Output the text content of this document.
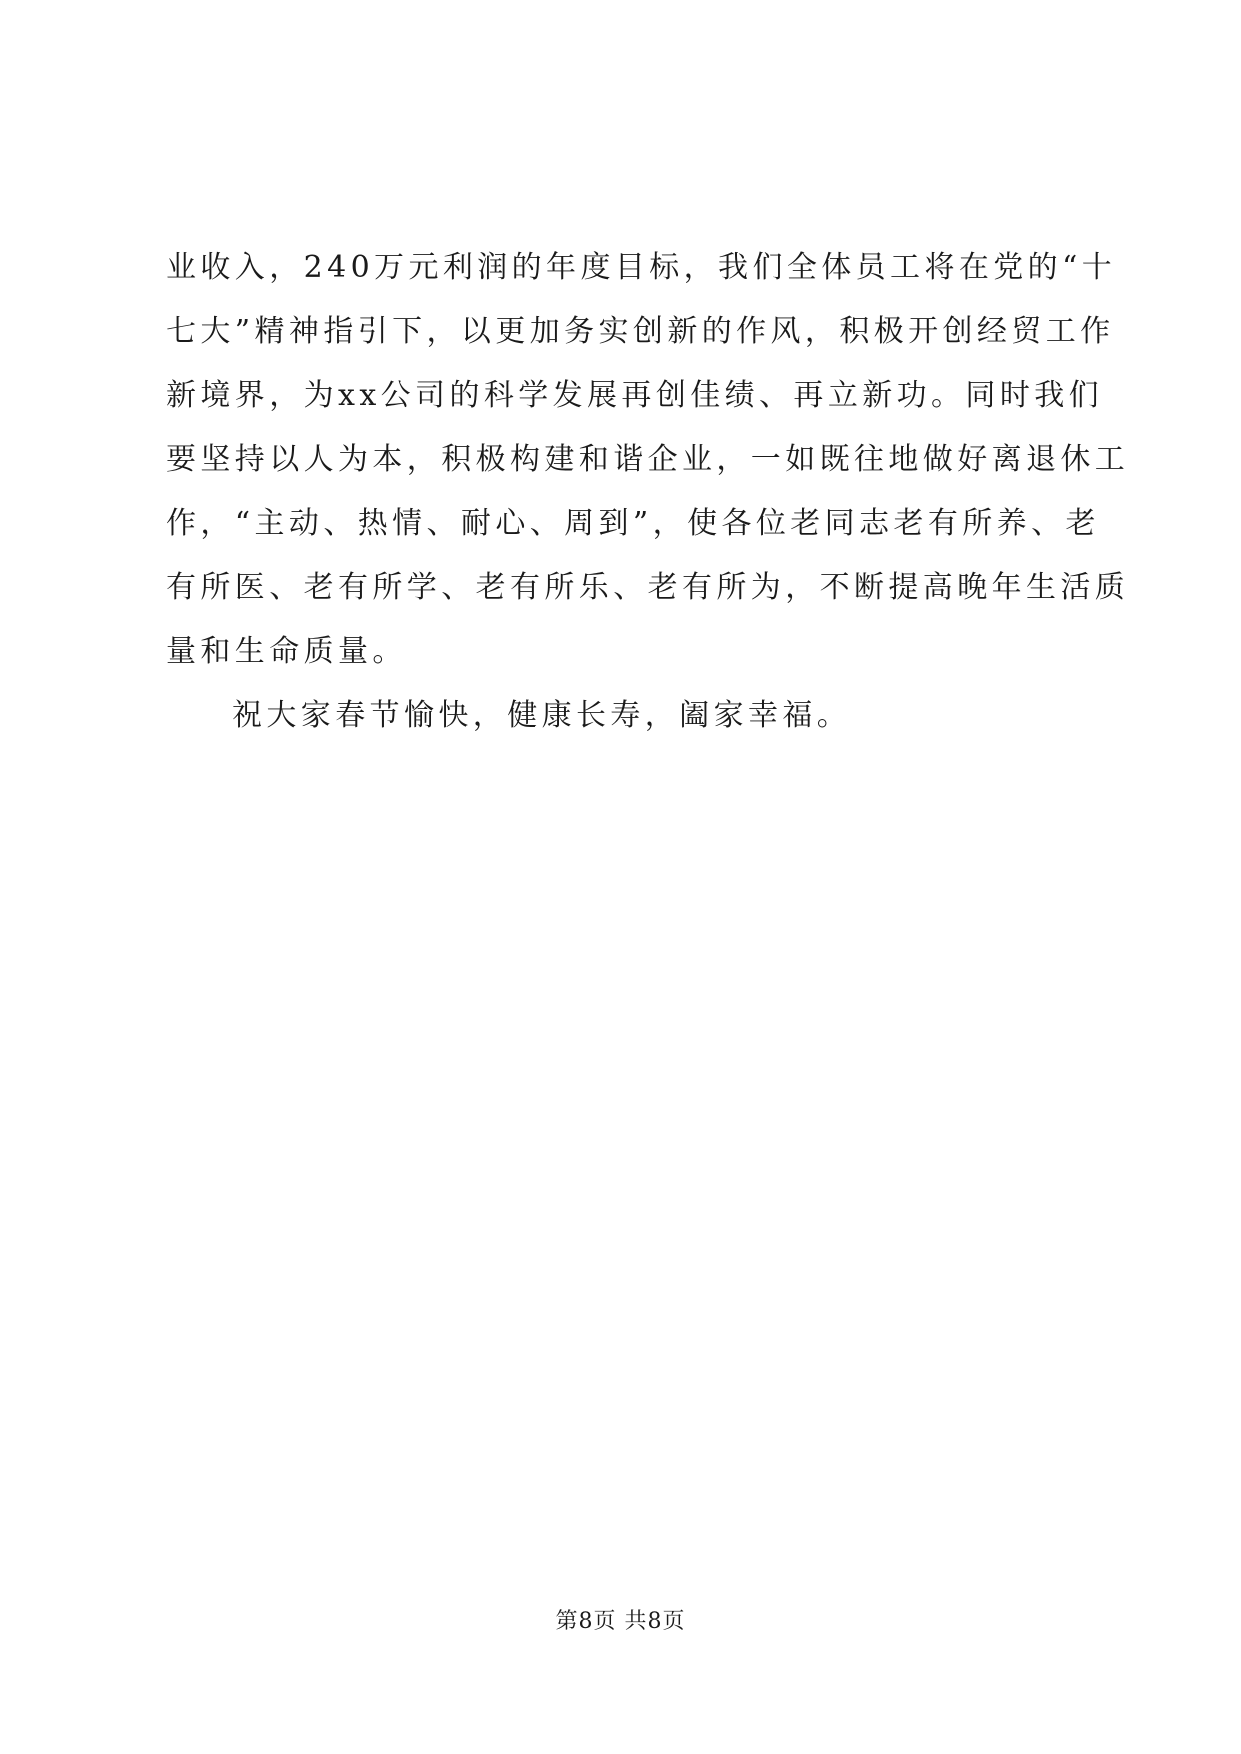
业收入，240万元利润的年度目标，我们全体员工将在党的“十
七大”精神指引下，以更加务实创新的作风，积极开创经贸工作
新境界，为xx公司的科学发展再创佳绩、再立新功。同时我们
要坚持以人为本，积极构建和谐企业，一如既往地做好离退休工
作，“主动、热情、耐心、周到”，使各位老同志老有所养、老
有所医、老有所学、老有所乐、老有所为，不断提高晚年生活质
量和生命质量。
祝大家春节愉快，健康长寿，阖家幸福。
第8页 共8页
